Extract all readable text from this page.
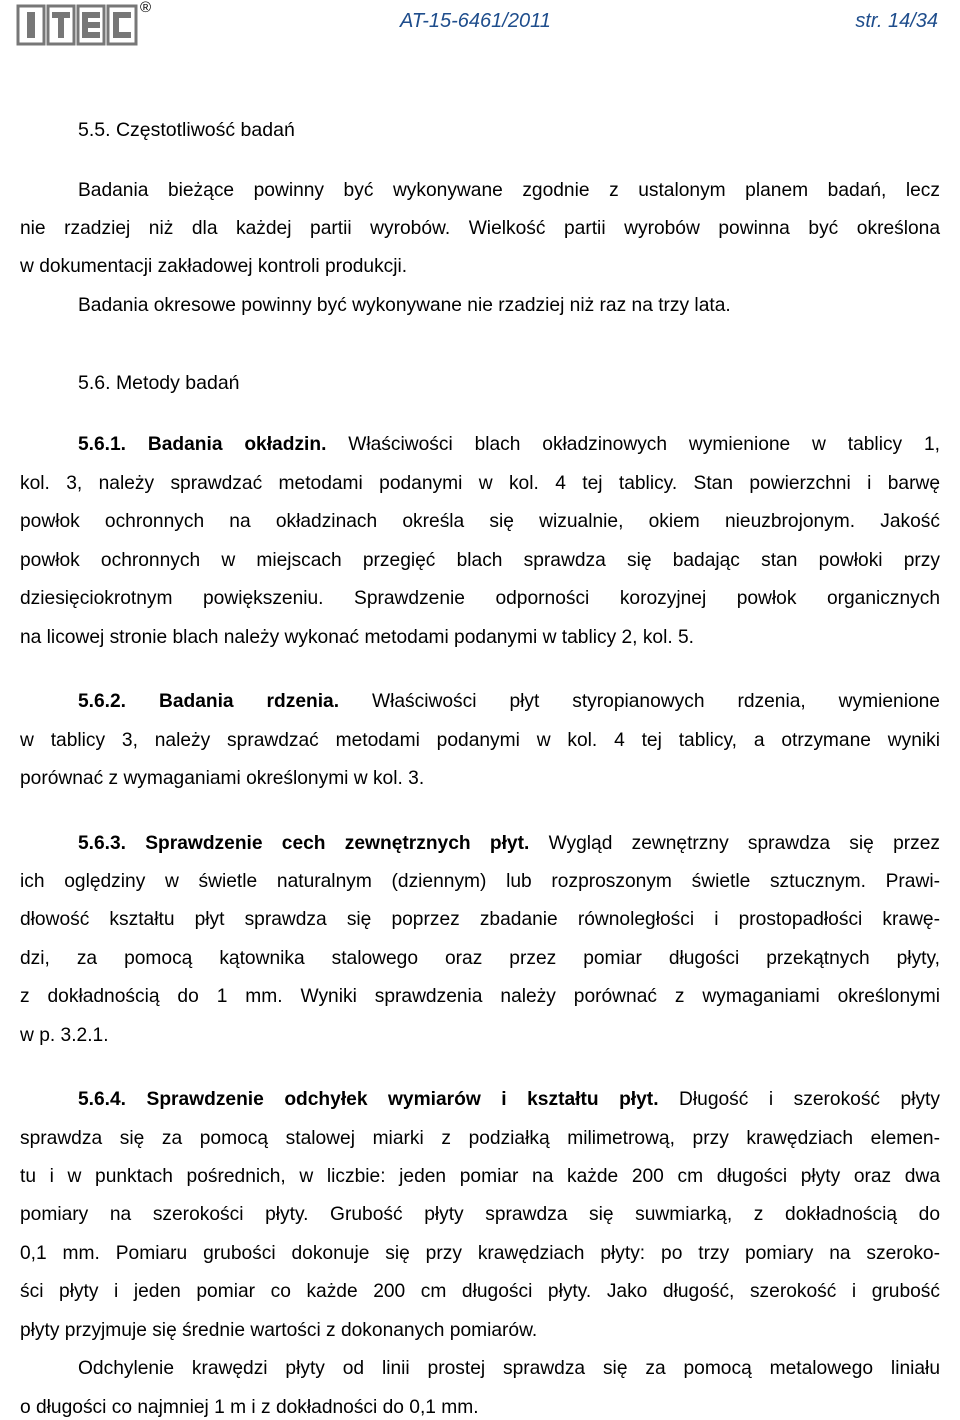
®
AT-15-6461/2011	str. 14/34
5.5. Częstotliwość badań
Badania bieżące powinny być wykonywane zgodnie z ustalonym planem badań, lecz
nie rzadziej niż dla każdej partii wyrobów. Wielkość partii wyrobów powinna być określona
w dokumentacji zakładowej kontroli produkcji.
Badania okresowe powinny być wykonywane nie rzadziej niż raz na trzy lata.
5.6. Metody badań
5.6.1. Badania okładzin. Właściwości blach okładzinowych wymienione w tablicy 1,
kol. 3, należy sprawdzać metodami podanymi w kol. 4 tej tablicy. Stan powierzchni i barwę
powłok ochronnych na okładzinach określa się wizualnie, okiem nieuzbrojonym. Jakość
powłok ochronnych w miejscach przegięć blach sprawdza się badając stan powłoki przy
dziesięciokrotnym powiększeniu. Sprawdzenie odporności korozyjnej powłok organicznych
na licowej stronie blach należy wykonać metodami podanymi w tablicy 2, kol. 5.
5.6.2. Badania rdzenia. Właściwości płyt styropianowych rdzenia, wymienione
w tablicy 3, należy sprawdzać metodami podanymi w kol. 4 tej tablicy, a otrzymane wyniki
porównać z wymaganiami określonymi w kol. 3.
5.6.3. Sprawdzenie cech zewnętrznych płyt. Wygląd zewnętrzny sprawdza się przez
ich oględziny w świetle naturalnym (dziennym) lub rozproszonym świetle sztucznym. Prawi-
dłowość kształtu płyt sprawdza się poprzez zbadanie równoległości i prostopadłości krawę-
dzi, za pomocą kątownika stalowego oraz przez pomiar długości przekątnych płyty,
z dokładnością do 1 mm. Wyniki sprawdzenia należy porównać z wymaganiami określonymi
w p. 3.2.1.
5.6.4. Sprawdzenie odchyłek wymiarów i kształtu płyt. Długość i szerokość płyty
sprawdza się za pomocą stalowej miarki z podziałką milimetrową, przy krawędziach elemen-
tu i w punktach pośrednich, w liczbie: jeden pomiar na każde 200 cm długości płyty oraz dwa
pomiary na szerokości płyty. Grubość płyty sprawdza się suwmiarką, z dokładnością do
0,1 mm. Pomiaru grubości dokonuje się przy krawędziach płyty: po trzy pomiary na szeroko-
ści płyty i jeden pomiar co każde 200 cm długości płyty. Jako długość, szerokość i grubość
płyty przyjmuje się średnie wartości z dokonanych pomiarów.
Odchylenie krawędzi płyty od linii prostej sprawdza się za pomocą metalowego liniału
o długości co najmniej 1 m i z dokładności do 0,1 mm.
